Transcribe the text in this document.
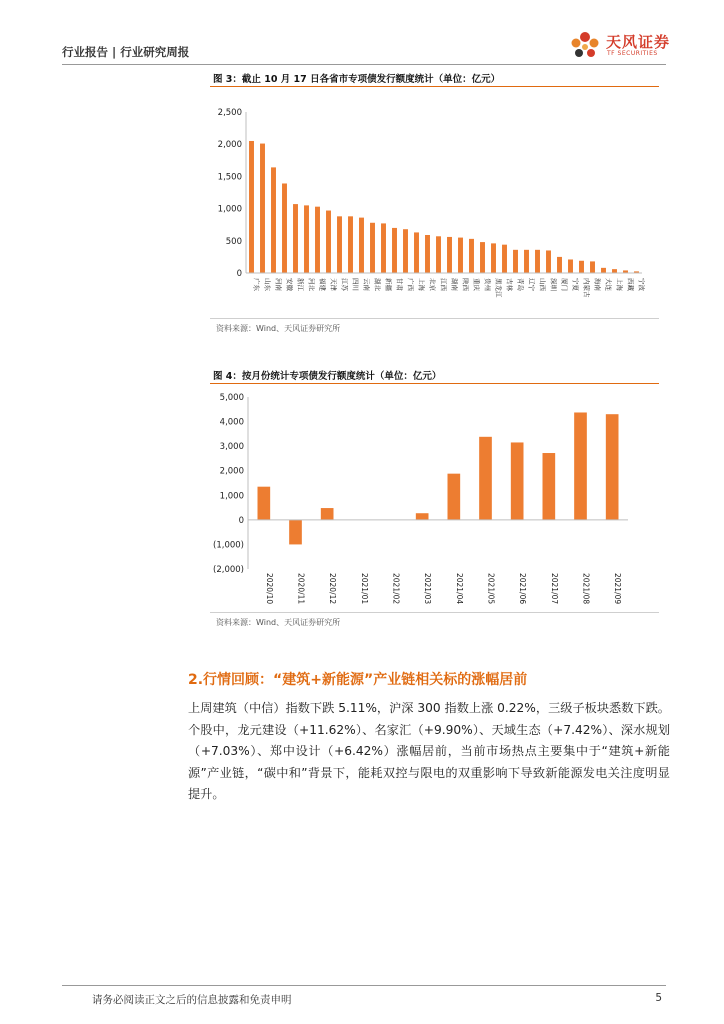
行业报告 | 行业研究周报
天风证券
TF SECURITIES
图 3：截止 10 月 17 日各省市专项债发行额度统计（单位：亿元）
0
500
1,000
1,500
2,000
2,500
广东 山东 河南 安徽 浙江 河北 福建 天津 江苏 四川 云南 湖北 新疆 甘肃 广西 上海 北京 江西 湖南 陕西 重庆 贵州 黑龙江 吉林 青岛 辽宁 山西 深圳 厦门 宁夏 内蒙古 海南 大连 上海 西藏 宁波
资料来源：Wind、天风证券研究所
图 4：按月份统计专项债发行额度统计（单位：亿元）
(2,000)
(1,000)
0
1,000
2,000
3,000
4,000
5,000
2020/10	2020/11	2020/12	2021/01	2021/02	2021/03	2021/04	2021/05	2021/06	2021/07	2021/08	2021/09
资料来源：Wind、天风证券研究所
2.行情回顾：“建筑+新能源”产业链相关标的涨幅居前
上周建筑（中信）指数下跌 5.11%，沪深 300 指数上涨 0.22%，三级子板块悉数下跌。个股中，龙元建设（+11.62%）、名家汇（+9.90%）、天域生态（+7.42%）、深水规划（+7.03%）、郑中设计（+6.42%）涨幅居前，当前市场热点主要集中于“建筑+新能源”产业链，“碳中和”背景下，能耗双控与限电的双重影响下导致新能源发电关注度明显提升。
请务必阅读正文之后的信息披露和免责申明	5
